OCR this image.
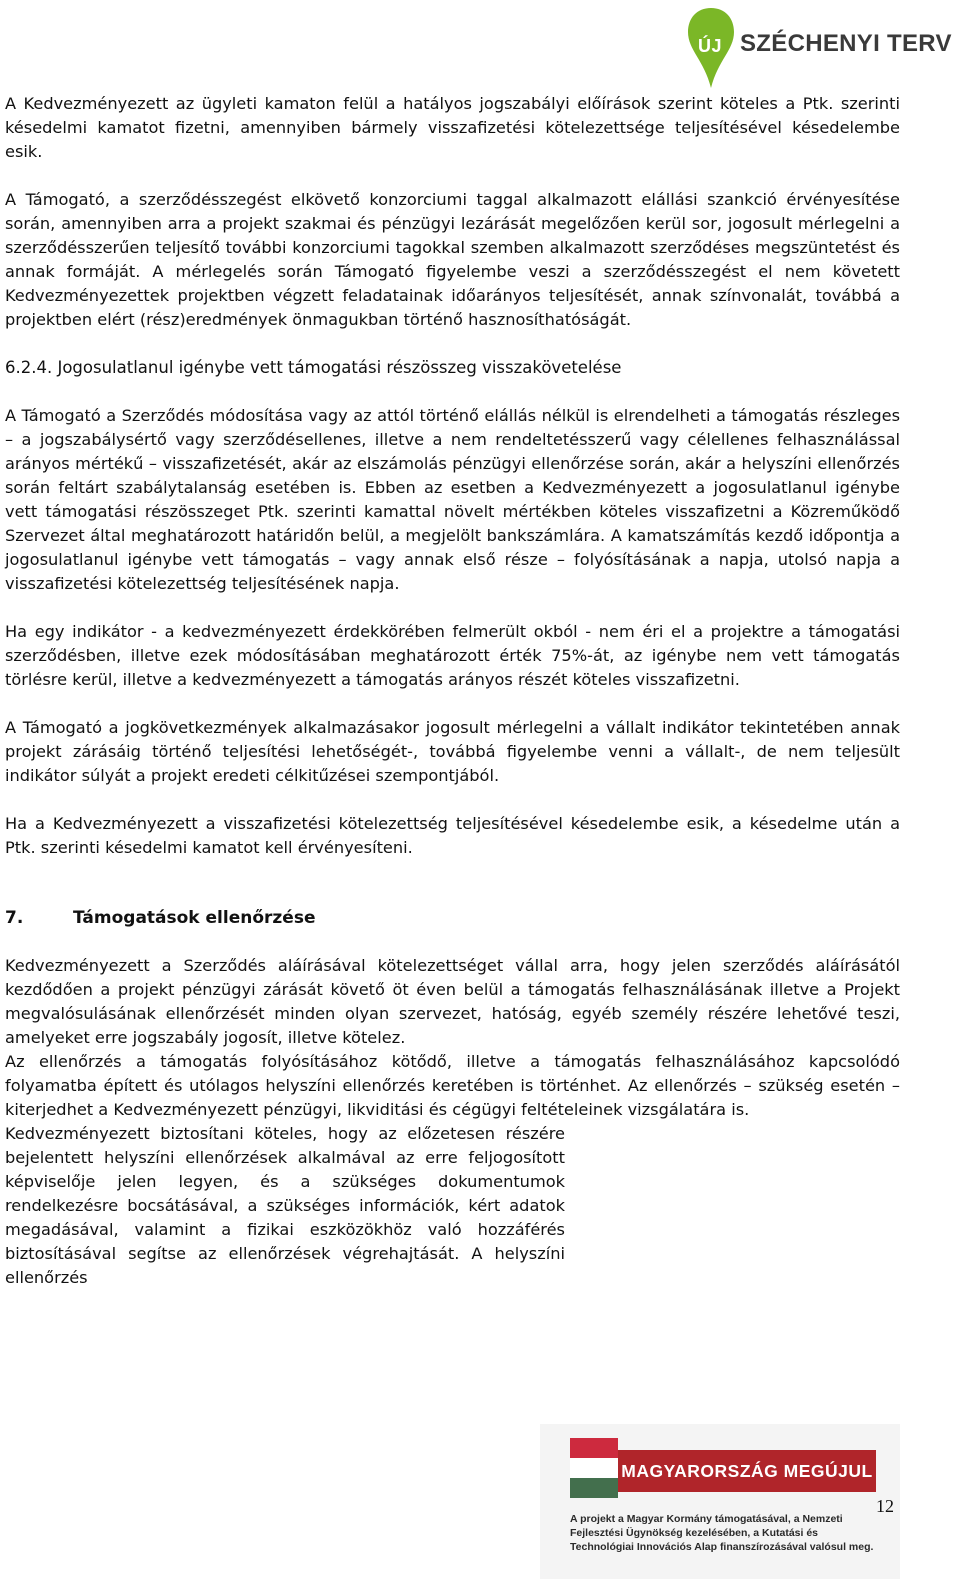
ÚJ SZÉCHENYI TERV

A Kedvezményezett az ügyleti kamaton felül a hatályos jogszabályi előírások szerint köteles a Ptk. szerinti késedelmi kamatot fizetni, amennyiben bármely visszafizetési kötelezettsége teljesítésével késedelembe esik.

A Támogató, a szerződésszegést elkövető konzorciumi taggal alkalmazott elállási szankció érvényesítése során, amennyiben arra a projekt szakmai és pénzügyi lezárását megelőzően kerül sor, jogosult mérlegelni a szerződésszerűen teljesítő további konzorciumi tagokkal szemben alkalmazott szerződéses megszüntetést és annak formáját. A mérlegelés során Támogató figyelembe veszi a szerződésszegést el nem követett Kedvezményezettek projektben végzett feladatainak időarányos teljesítését, annak színvonalát, továbbá a projektben elért (rész)eredmények önmagukban történő hasznosíthatóságát.

6.2.4. Jogosulatlanul igénybe vett támogatási részösszeg visszakövetelése

A Támogató a Szerződés módosítása vagy az attól történő elállás nélkül is elrendelheti a támogatás részleges – a jogszabálysértő vagy szerződésellenes, illetve a nem rendeltetésszerű vagy célellenes felhasználással arányos mértékű – visszafizetését, akár az elszámolás pénzügyi ellenőrzése során, akár a helyszíni ellenőrzés során feltárt szabálytalanság esetében is. Ebben az esetben a Kedvezményezett a jogosulatlanul igénybe vett támogatási részösszeget Ptk. szerinti kamattal növelt mértékben köteles visszafizetni a Közreműködő Szervezet által meghatározott határidőn belül, a megjelölt bankszámlára. A kamatszámítás kezdő időpontja a jogosulatlanul igénybe vett támogatás – vagy annak első része – folyósításának a napja, utolsó napja a visszafizetési kötelezettség teljesítésének napja.

Ha egy indikátor - a kedvezményezett érdekkörében felmerült okból - nem éri el a projektre a támogatási szerződésben, illetve ezek módosításában meghatározott érték 75%-át, az igénybe nem vett támogatás törlésre kerül, illetve a kedvezményezett a támogatás arányos részét köteles visszafizetni.

A Támogató a jogkövetkezmények alkalmazásakor jogosult mérlegelni a vállalt indikátor tekintetében annak projekt zárásáig történő teljesítési lehetőségét-, továbbá figyelembe venni a vállalt-, de nem teljesült indikátor súlyát a projekt eredeti célkitűzései szempontjából.

Ha a Kedvezményezett a visszafizetési kötelezettség teljesítésével késedelembe esik, a késedelme után a Ptk. szerinti késedelmi kamatot kell érvényesíteni.

7.	Támogatások ellenőrzése

Kedvezményezett a Szerződés aláírásával kötelezettséget vállal arra, hogy jelen szerződés aláírásától kezdődően a projekt pénzügyi zárását követő öt éven belül a támogatás felhasználásának illetve a Projekt megvalósulásának ellenőrzését minden olyan szervezet, hatóság, egyéb személy részére lehetővé teszi, amelyeket erre jogszabály jogosít, illetve kötelez.

Az ellenőrzés a támogatás folyósításához kötődő, illetve a támogatás felhasználásához kapcsolódó folyamatba épített és utólagos helyszíni ellenőrzés keretében is történhet. Az ellenőrzés – szükség esetén – kiterjedhet a Kedvezményezett pénzügyi, likviditási és cégügyi feltételeinek vizsgálatára is.

Kedvezményezett biztosítani köteles, hogy az előzetesen részére bejelentett helyszíni ellenőrzések alkalmával az erre feljogosított képviselője jelen legyen, és a szükséges dokumentumok rendelkezésre bocsátásával, a szükséges információk, kért adatok megadásával, valamint a fizikai eszközökhöz való hozzáférés biztosításával segítse az ellenőrzések végrehajtását. A helyszíni ellenőrzés

MAGYARORSZÁG MEGÚJUL
A projekt a Magyar Kormány támogatásával, a Nemzeti Fejlesztési Ügynökség kezelésében, a Kutatási és Technológiai Innovációs Alap finanszírozásával valósul meg.
12
